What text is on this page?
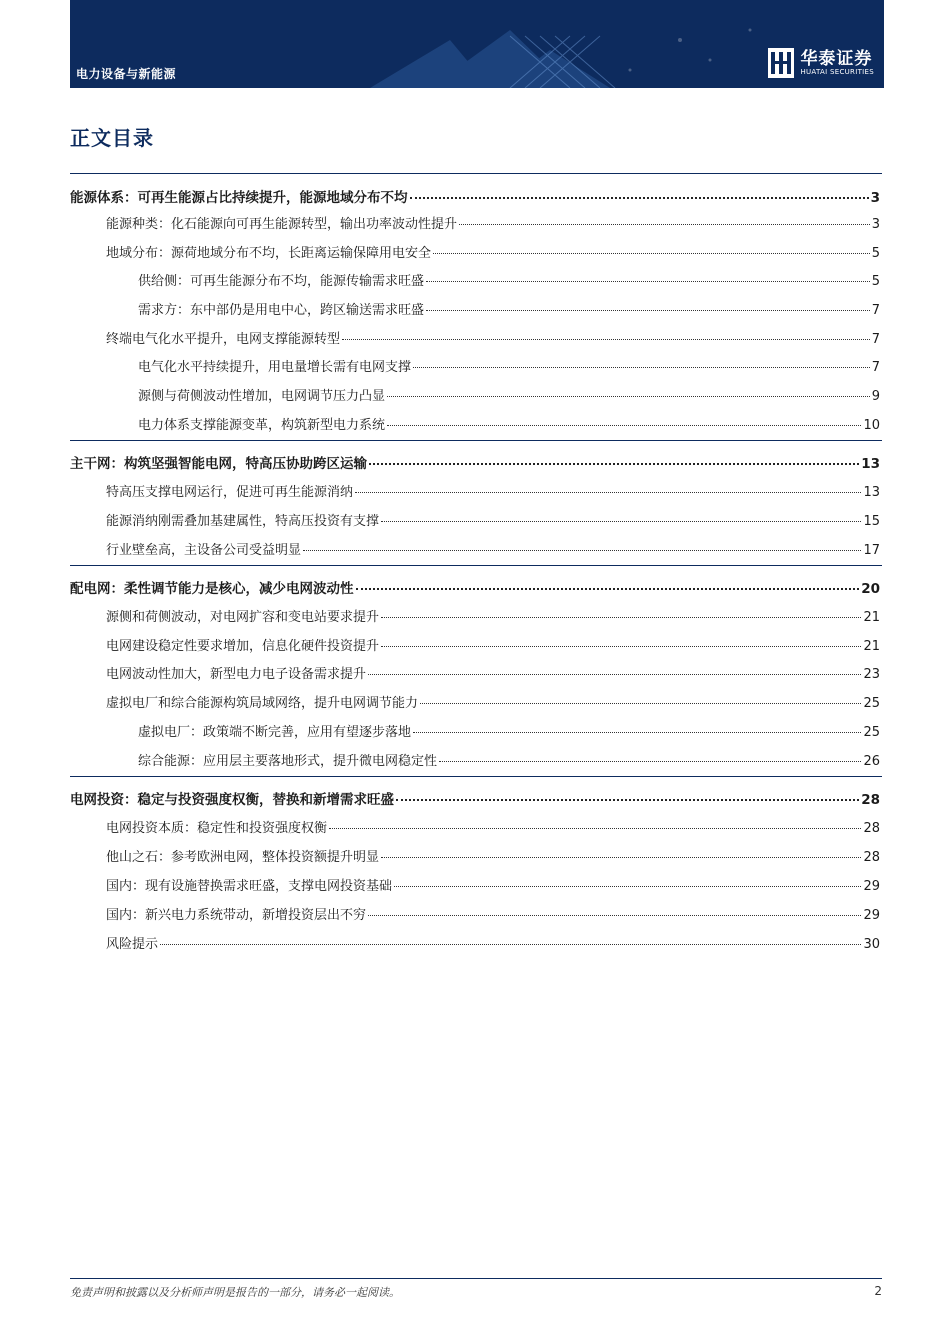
电力设备与新能源
华泰证券
HUATAI SECURITIES
正文目录
免责声明和披露以及分析师声明是报告的一部分，请务必一起阅读。	2
能源体系：可再生能源占比持续提升，能源地域分布不均	3
能源种类：化石能源向可再生能源转型，输出功率波动性提升	3
地域分布：源荷地域分布不均，长距离运输保障用电安全	5
供给侧：可再生能源分布不均，能源传输需求旺盛	5
需求方：东中部仍是用电中心，跨区输送需求旺盛	7
终端电气化水平提升，电网支撑能源转型	7
电气化水平持续提升，用电量增长需有电网支撑	7
源侧与荷侧波动性增加，电网调节压力凸显	9
电力体系支撑能源变革，构筑新型电力系统	10
主干网：构筑坚强智能电网，特高压协助跨区运输	13
特高压支撑电网运行，促进可再生能源消纳	13
能源消纳刚需叠加基建属性，特高压投资有支撑	15
行业壁垒高，主设备公司受益明显	17
配电网：柔性调节能力是核心，减少电网波动性	20
源侧和荷侧波动，对电网扩容和变电站要求提升	21
电网建设稳定性要求增加，信息化硬件投资提升	21
电网波动性加大，新型电力电子设备需求提升	23
虚拟电厂和综合能源构筑局域网络，提升电网调节能力	25
虚拟电厂：政策端不断完善，应用有望逐步落地	25
综合能源：应用层主要落地形式，提升微电网稳定性	26
电网投资：稳定与投资强度权衡，替换和新增需求旺盛	28
电网投资本质：稳定性和投资强度权衡	28
他山之石：参考欧洲电网，整体投资额提升明显	28
国内：现有设施替换需求旺盛，支撑电网投资基础	29
国内：新兴电力系统带动，新增投资层出不穷	29
风险提示	30
